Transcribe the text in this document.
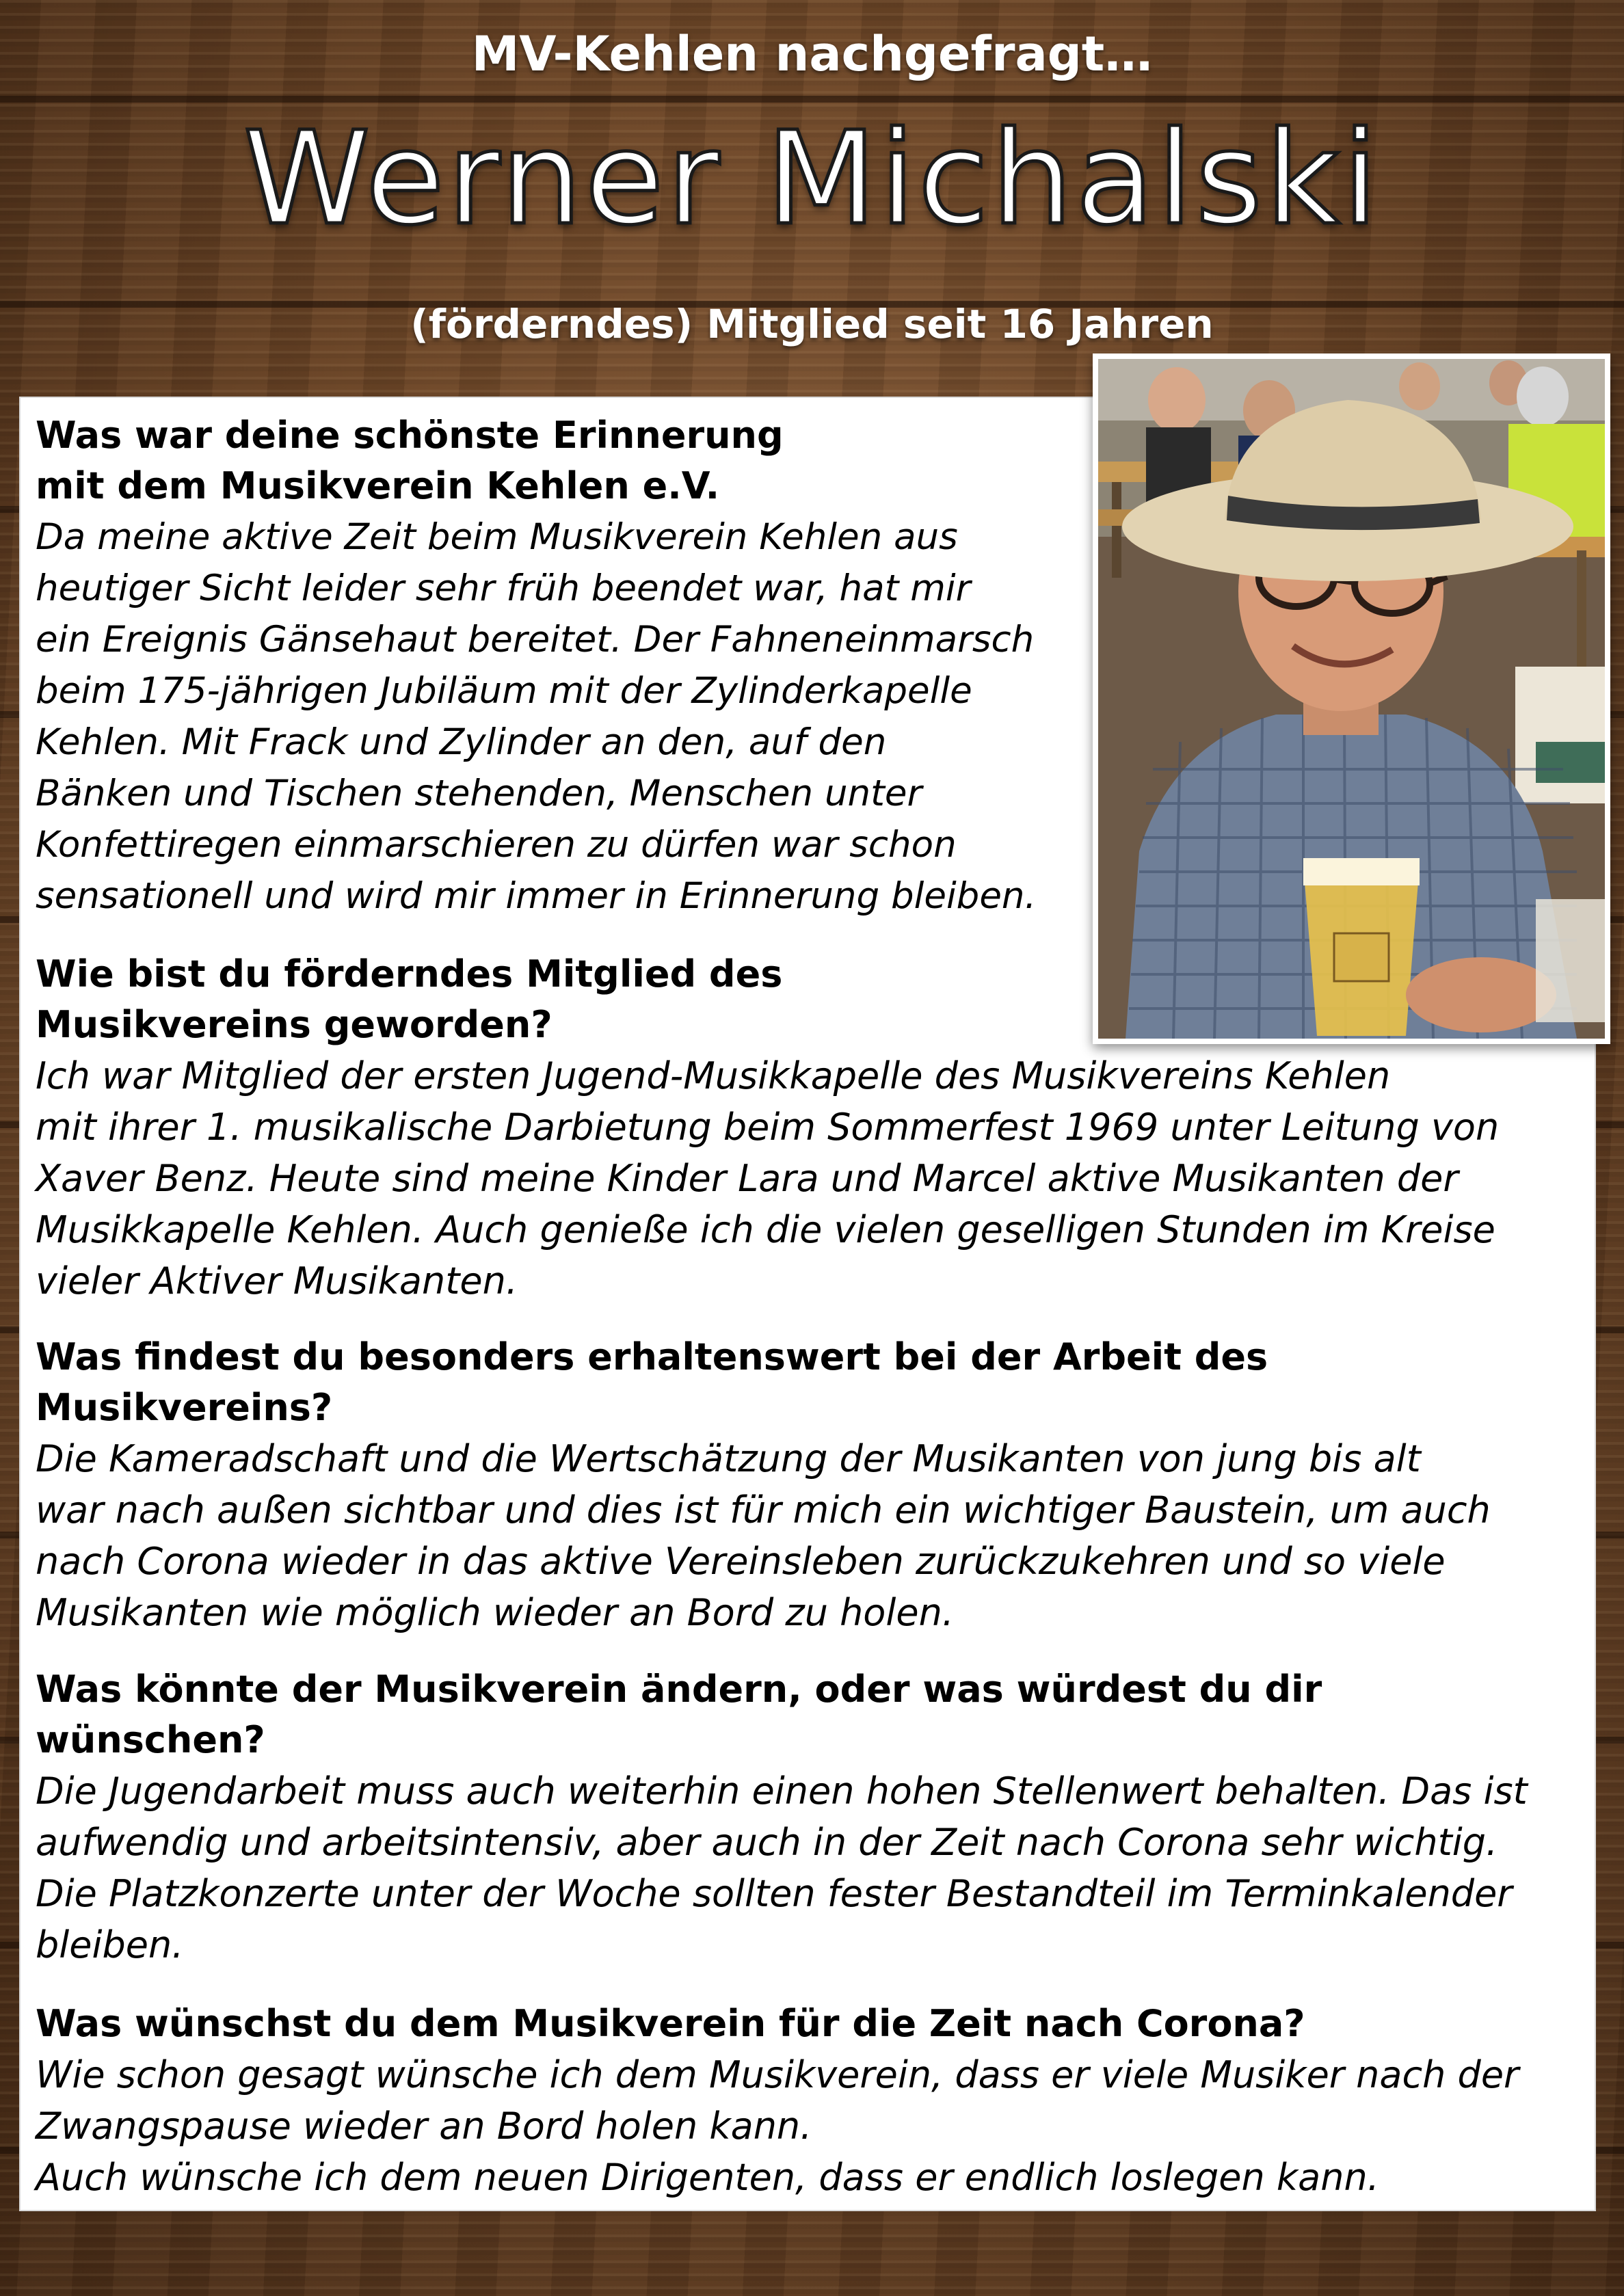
MV-Kehlen nachgefragt…
Werner Michalski
(förderndes) Mitglied seit 16 Jahren
Was war deine schönste Erinnerung
mit dem Musikverein Kehlen e.V.
Da meine aktive Zeit beim Musikverein Kehlen aus
heutiger Sicht leider sehr früh beendet war, hat mir
ein Ereignis Gänsehaut bereitet. Der Fahneneinmarsch
beim 175-jährigen Jubiläum mit der Zylinderkapelle
Kehlen. Mit Frack und Zylinder an den, auf den
Bänken und Tischen stehenden, Menschen unter
Konfettiregen einmarschieren zu dürfen war schon
sensationell und wird mir immer in Erinnerung bleiben.
Wie bist du förderndes Mitglied des
Musikvereins geworden?
Ich war Mitglied der ersten Jugend-Musikkapelle des Musikvereins Kehlen
mit ihrer 1. musikalische Darbietung beim Sommerfest 1969 unter Leitung von
Xaver Benz. Heute sind meine Kinder Lara und Marcel aktive Musikanten der
Musikkapelle Kehlen. Auch genieße ich die vielen geselligen Stunden im Kreise
vieler Aktiver Musikanten.
Was findest du besonders erhaltenswert bei der Arbeit des
Musikvereins?
Die Kameradschaft und die Wertschätzung der Musikanten von jung bis alt
war nach außen sichtbar und dies ist für mich ein wichtiger Baustein, um auch
nach Corona wieder in das aktive Vereinsleben zurückzukehren und so viele
Musikanten wie möglich wieder an Bord zu holen.
Was könnte der Musikverein ändern, oder was würdest du dir
wünschen?
Die Jugendarbeit muss auch weiterhin einen hohen Stellenwert behalten. Das ist
aufwendig und arbeitsintensiv, aber auch in der Zeit nach Corona sehr wichtig.
Die Platzkonzerte unter der Woche sollten fester Bestandteil im Terminkalender
bleiben.
Was wünschst du dem Musikverein für die Zeit nach Corona?
Wie schon gesagt wünsche ich dem Musikverein, dass er viele Musiker nach der
Zwangspause wieder an Bord holen kann.
Auch wünsche ich dem neuen Dirigenten, dass er endlich loslegen kann.
